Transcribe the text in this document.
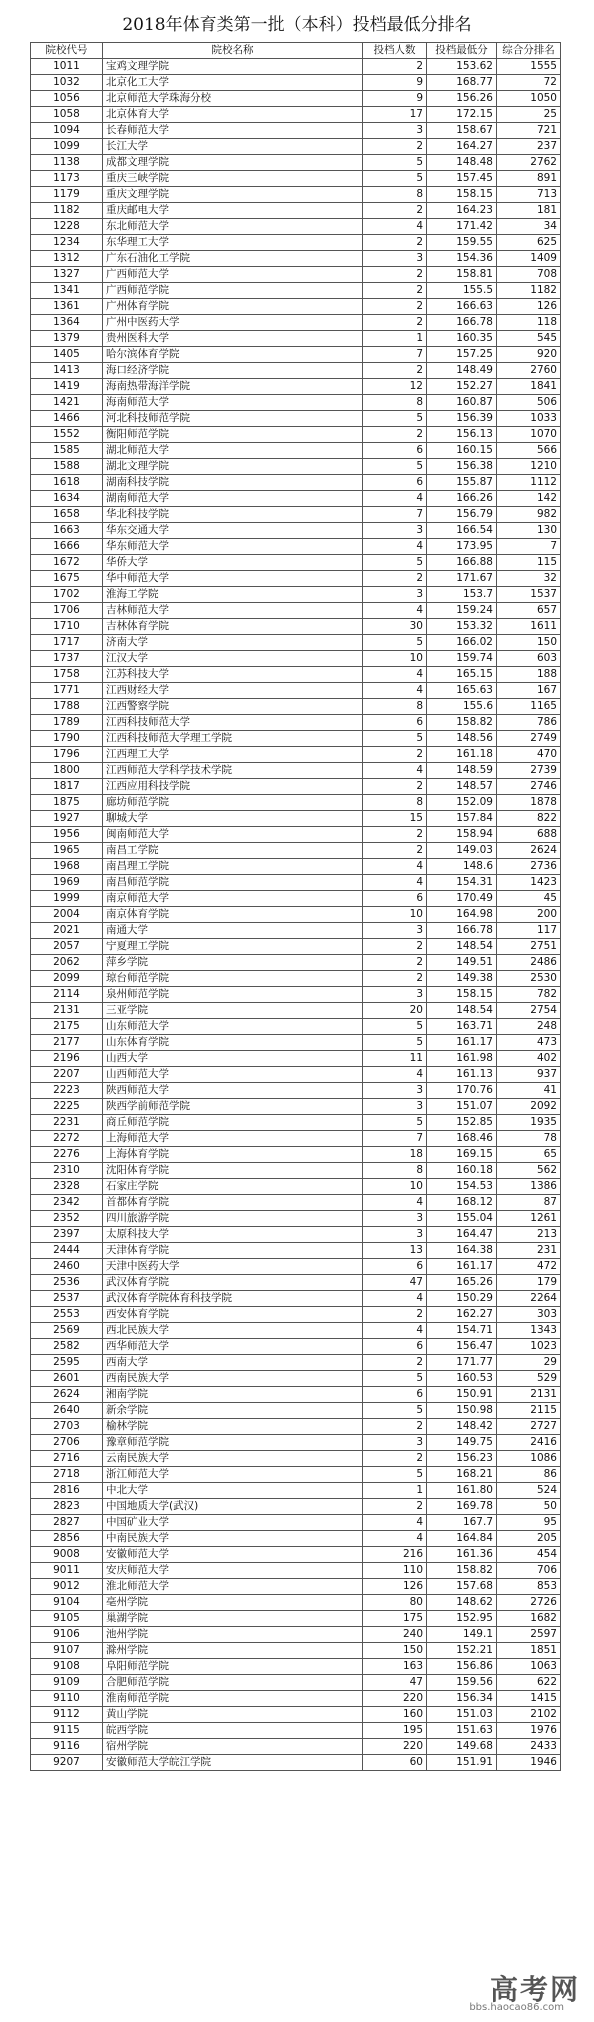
2018年体育类第一批（本科）投档最低分排名
院校代号	院校名称	投档人数	投档最低分	综合分排名
1011	宝鸡文理学院	2	153.62	1555
1032	北京化工大学	9	168.77	72
1056	北京师范大学珠海分校	9	156.26	1050
1058	北京体育大学	17	172.15	25
1094	长春师范大学	3	158.67	721
1099	长江大学	2	164.27	237
1138	成都文理学院	5	148.48	2762
1173	重庆三峡学院	5	157.45	891
1179	重庆文理学院	8	158.15	713
1182	重庆邮电大学	2	164.23	181
1228	东北师范大学	4	171.42	34
1234	东华理工大学	2	159.55	625
1312	广东石油化工学院	3	154.36	1409
1327	广西师范大学	2	158.81	708
1341	广西师范学院	2	155.5	1182
1361	广州体育学院	2	166.63	126
1364	广州中医药大学	2	166.78	118
1379	贵州医科大学	1	160.35	545
1405	哈尔滨体育学院	7	157.25	920
1413	海口经济学院	2	148.49	2760
1419	海南热带海洋学院	12	152.27	1841
1421	海南师范大学	8	160.87	506
1466	河北科技师范学院	5	156.39	1033
1552	衡阳师范学院	2	156.13	1070
1585	湖北师范大学	6	160.15	566
1588	湖北文理学院	5	156.38	1210
1618	湖南科技学院	6	155.87	1112
1634	湖南师范大学	4	166.26	142
1658	华北科技学院	7	156.79	982
1663	华东交通大学	3	166.54	130
1666	华东师范大学	4	173.95	7
1672	华侨大学	5	166.88	115
1675	华中师范大学	2	171.67	32
1702	淮海工学院	3	153.7	1537
1706	吉林师范大学	4	159.24	657
1710	吉林体育学院	30	153.32	1611
1717	济南大学	5	166.02	150
1737	江汉大学	10	159.74	603
1758	江苏科技大学	4	165.15	188
1771	江西财经大学	4	165.63	167
1788	江西警察学院	8	155.6	1165
1789	江西科技师范大学	6	158.82	786
1790	江西科技师范大学理工学院	5	148.56	2749
1796	江西理工大学	2	161.18	470
1800	江西师范大学科学技术学院	4	148.59	2739
1817	江西应用科技学院	2	148.57	2746
1875	廊坊师范学院	8	152.09	1878
1927	聊城大学	15	157.84	822
1956	闽南师范大学	2	158.94	688
1965	南昌工学院	2	149.03	2624
1968	南昌理工学院	4	148.6	2736
1969	南昌师范学院	4	154.31	1423
1999	南京师范大学	6	170.49	45
2004	南京体育学院	10	164.98	200
2021	南通大学	3	166.78	117
2057	宁夏理工学院	2	148.54	2751
2062	萍乡学院	2	149.51	2486
2099	琼台师范学院	2	149.38	2530
2114	泉州师范学院	3	158.15	782
2131	三亚学院	20	148.54	2754
2175	山东师范大学	5	163.71	248
2177	山东体育学院	5	161.17	473
2196	山西大学	11	161.98	402
2207	山西师范大学	4	161.13	937
2223	陕西师范大学	3	170.76	41
2225	陕西学前师范学院	3	151.07	2092
2231	商丘师范学院	5	152.85	1935
2272	上海师范大学	7	168.46	78
2276	上海体育学院	18	169.15	65
2310	沈阳体育学院	8	160.18	562
2328	石家庄学院	10	154.53	1386
2342	首都体育学院	4	168.12	87
2352	四川旅游学院	3	155.04	1261
2397	太原科技大学	3	164.47	213
2444	天津体育学院	13	164.38	231
2460	天津中医药大学	6	161.17	472
2536	武汉体育学院	47	165.26	179
2537	武汉体育学院体育科技学院	4	150.29	2264
2553	西安体育学院	2	162.27	303
2569	西北民族大学	4	154.71	1343
2582	西华师范大学	6	156.47	1023
2595	西南大学	2	171.77	29
2601	西南民族大学	5	160.53	529
2624	湘南学院	6	150.91	2131
2640	新余学院	5	150.98	2115
2703	榆林学院	2	148.42	2727
2706	豫章师范学院	3	149.75	2416
2716	云南民族大学	2	156.23	1086
2718	浙江师范大学	5	168.21	86
2816	中北大学	1	161.80	524
2823	中国地质大学(武汉)	2	169.78	50
2827	中国矿业大学	4	167.7	95
2856	中南民族大学	4	164.84	205
9008	安徽师范大学	216	161.36	454
9011	安庆师范大学	110	158.82	706
9012	淮北师范大学	126	157.68	853
9104	亳州学院	80	148.62	2726
9105	巢湖学院	175	152.95	1682
9106	池州学院	240	149.1	2597
9107	滁州学院	150	152.21	1851
9108	阜阳师范学院	163	156.86	1063
9109	合肥师范学院	47	159.56	622
9110	淮南师范学院	220	156.34	1415
9112	黄山学院	160	151.03	2102
9115	皖西学院	195	151.63	1976
9116	宿州学院	220	149.68	2433
9207	安徽师范大学皖江学院	60	151.91	1946
高考网
bbs.haocao86.com
